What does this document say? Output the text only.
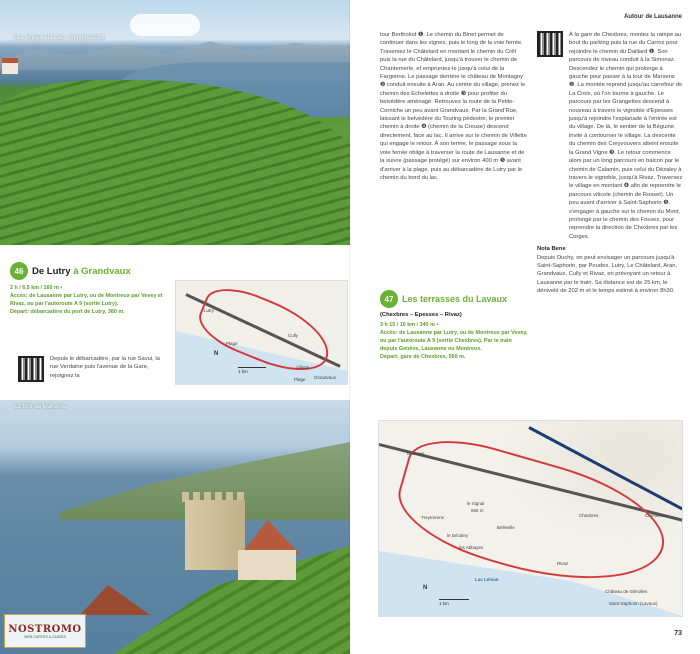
Les vignes et le lac, omniprésents.
46 De Lutry à Grandvaux
2 h / 6,5 km / 160 m •
Accès: de Lausanne par Lutry, ou de Montreux par Vevey et Rivaz, ou par l'autoroute A 9 (sortie Lutry).
Départ: débarcadère du port de Lutry, 380 m.
Depuis le débarcadère, par la rue Savui, la rue Verdaine puis l'avenue de la Gare, rejoignez la
Lutry
Plage
Cully
Grandvaux
Villette
Plage
N
1 km
La tour de Marsens.
NOSTROMO
WEB CARTES & GUIDES
Autour de Lausanne
73
tour Bertholod ❶. Le chemin du Binet permet de continuer dans les vignes, puis le long de la voie ferrée. Traversez le Châtelard en montant le chemin du Crêt puis la rue du Châtelard, jusqu'à trouver le chemin de Chantemerle, et empruntez-le jusqu'à celui de la Fargonne. Le passage derrière le château de Montagny ❷ conduit ensuite à Aran. Au centre du village, prenez le chemin des Echelettes à droite ❸ pour profiter du belvédère aménagé. Retrouvez la route de la Petite-Corniche un peu avant Grandvaux. Par la Grand'Rue, laissant le belvédère du Touring pédestre, le premier chemin à droite ❹ (chemin de la Creuse) descend directement, face au lac. Il arrive sur le chemin de Villette qui engage le retour. À son terme, le passage sous la voie ferrée oblige à traverser la route de Lausanne et de la suivre (passage protégé) sur environ 400 m ❺ avant d'arriver à la plage, puis au débarcadère de Lutry par le chemin du bord du lac.
À la gare de Chexbres, montez la rampe au bout du parking puis la rue du Carroz pour rejoindre le chemin du Daillard ❶. Son parcours de niveau conduit à la Simonaz. Descendez le chemin qui prolonge à gauche pour passer à la tour de Marsens ❷. La montée reprend jusqu'au carrefour de La Croix, où l'on tourne à gauche. Le parcours par les Grangettes descend à nouveau à travers le vignoble d'Epesses jusqu'à rejoindre l'esplanade à l'entrée est du village. De là, le sentier de la Béguine invite à contourner le village. La descente du chemin des Creyvouvers atteint ensuite la Grand Vigne ❸. Le retour commence alors par un long parcours en balcon par le chemin de Calamin, puis celui du Dézaley à travers le vignoble, jusqu'à Rivaz. Traversez le village en montant ❹ afin de reprendre le parcours viticole (chemin de Rosset). Un peu avant d'arriver à Saint-Saphorin ❺, s'engager à gauche sur le chemin du Mont, prolongé par le chemin des Fosses, pour reprendre la direction de Chexbres par les Corges.
Nota Bene
Depuis Ouchy, on peut envisager un parcours jusqu'à Saint-Saphorin, par Poudex, Lutry, Le Châtelard, Aran, Grandvaux, Cully et Rivaz, en prévoyant un retour à Lausanne par le train. Sa distance est de 25 km, le dénivelé de 202 m et le temps estimé à environ 8h30.
47 Les terrasses du Lavaux
(Chexbres – Epesses – Rivaz)
3 h 15 / 10 km / 340 m •
Accès: de Lausanne par Lutry, ou de Montreux par Vevey, ou par l'autoroute A 9 (sortie Chexbres). Par le train depuis Genève, Lausanne ou Montreux.
Départ: gare de Chexbres, 560 m.
Epesses
le Signal
656 m
Belleville
Chexbres	Cremières
Treytorrens
le Dézaley
les Abbayes
Lac Léman
Rivaz
Château de Glérolles
Saint-Saphorin (Lavaux)
N
1 km
